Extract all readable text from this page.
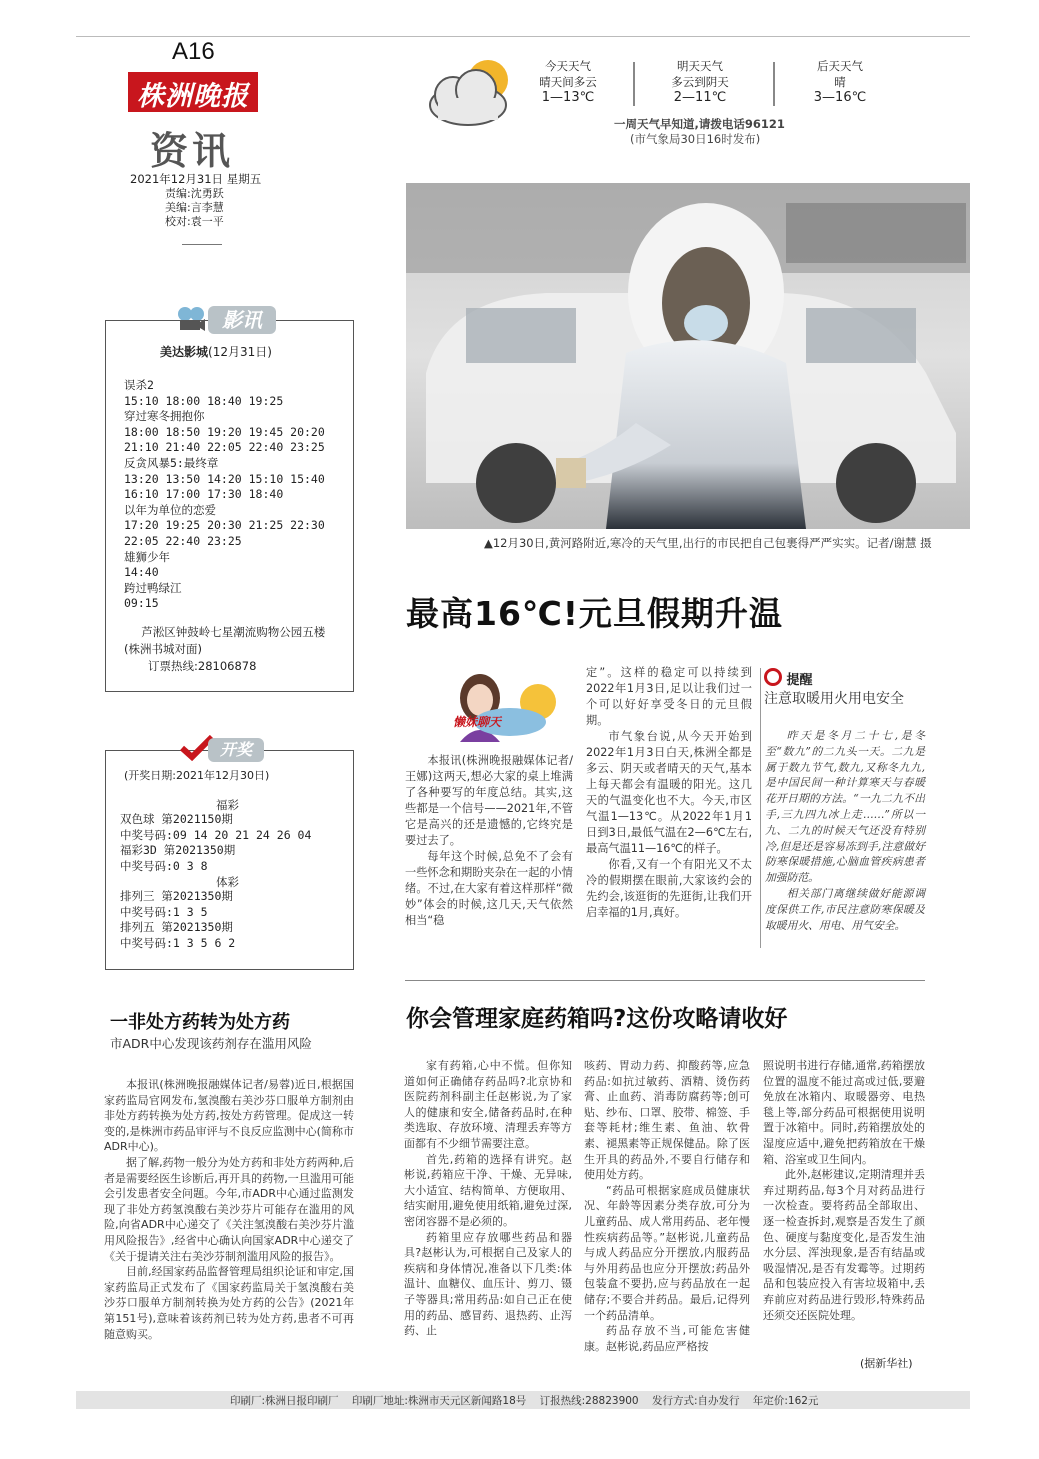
A16
株洲晚报
资讯
2021年12月31日 星期五
责编:沈勇跃
美编:言李慧
校对:袁一平
今天天气
晴天间多云
1—13℃
明天天气
多云到阴天
2—11℃
后天天气
晴
3—16℃
一周天气早知道,请拨电话96121
(市气象局30日16时发布)
▲12月30日,黄河路附近,寒冷的天气里,出行的市民把自己包裹得严严实实。记者/谢慧 摄
影讯
美达影城(12月31日)
误杀2
15:10 18:00 18:40 19:25
穿过寒冬拥抱你
18:00 18:50 19:20 19:45 20:20
21:10 21:40 22:05 22:40 23:25
反贪风暴5:最终章
13:20 13:50 14:20 15:10 15:40
16:10 17:00 17:30 18:40
以年为单位的恋爱
17:20 19:25 20:30 21:25 22:30
22:05 22:40 23:25
雄狮少年
14:40
跨过鸭绿江
09:15
芦淞区钟鼓岭七星潮流购物公园五楼(株洲书城对面)
订票热线:28106878
开奖
(开奖日期:2021年12月30日)
福彩
双色球 第2021150期
中奖号码:09 14 20 21 24 26 04
福彩3D 第2021350期
中奖号码:0 3 8
体彩
排列三 第2021350期
中奖号码:1 3 5
排列五 第2021350期
中奖号码:1 3 5 6 2
一非处方药转为处方药
市ADR中心发现该药剂存在滥用风险

本报讯(株洲晚报融媒体记者/易蓉)近日,根据国家药监局官网发布,氢溴酸右美沙芬口服单方制剂由非处方药转换为处方药,按处方药管理。促成这一转变的,是株洲市药品审评与不良反应监测中心(简称市ADR中心)。

据了解,药物一般分为处方药和非处方药两种,后者是需要经医生诊断后,再开具的药物,一旦滥用可能会引发患者安全问题。今年,市ADR中心通过监测发现了非处方药氢溴酸右美沙芬片可能存在滥用的风险,向省ADR中心递交了《关注氢溴酸右美沙芬片滥用风险报告》,经省中心确认向国家ADR中心递交了《关于提请关注右美沙芬制剂滥用风险的报告》。

目前,经国家药品监督管理局组织论证和审定,国家药监局正式发布了《国家药监局关于氢溴酸右美沙芬口服单方制剂转换为处方药的公告》(2021年第151号),意味着该药剂已转为处方药,患者不可再随意购买。

最高16℃!元旦假期升温
懒妹聊天

本报讯(株洲晚报融媒体记者/王娜)这两天,想必大家的桌上堆满了各种要写的年度总结。其实,这些都是一个信号——2021年,不管它是高兴的还是遗憾的,它终究是要过去了。

每年这个时候,总免不了会有一些怀念和期盼夹杂在一起的小情绪。不过,在大家有着这样那样“微妙”体会的时候,这几天,天气依然相当“稳

定”。这样的稳定可以持续到2022年1月3日,足以让我们过一个可以好好享受冬日的元旦假期。

市气象台说,从今天开始到2022年1月3日白天,株洲全都是多云、阴天或者晴天的天气,基本上每天都会有温暖的阳光。这几天的气温变化也不大。今天,市区气温1—13℃。从2022年1月1日到3日,最低气温在2—6℃左右,最高气温11—16℃的样子。

你看,又有一个有阳光又不太冷的假期摆在眼前,大家该约会的先约会,该逛街的先逛街,让我们开启幸福的1月,真好。

提醒
注意取暖用火用电安全

昨天是冬月二十七,是冬至“数九”的二九头一天。二九是属于数九节气,数九,又称冬九九,是中国民间一种计算寒天与春暖花开日期的方法。“一九二九不出手,三九四九冰上走……”所以一九、二九的时候天气还没有特别冷,但是还是容易冻到手,注意做好防寒保暖措施,心脑血管疾病患者加强防范。

相关部门离继续做好能源调度保供工作,市民注意防寒保暖及取暖用火、用电、用气安全。

你会管理家庭药箱吗?这份攻略请收好

家有药箱,心中不慌。但你知道如何正确储存药品吗?北京协和医院药剂科副主任赵彬说,为了家人的健康和安全,储备药品时,在种类选取、存放环境、清理丢弃等方面都有不少细节需要注意。

首先,药箱的选择有讲究。赵彬说,药箱应干净、干燥、无异味,大小适宜、结构简单、方便取用、结实耐用,避免使用纸箱,避免过深,密闭容器不是必须的。

药箱里应存放哪些药品和器具?赵彬认为,可根据自己及家人的疾病和身体情况,准备以下几类:体温计、血糖仪、血压计、剪刀、镊子等器具;常用药品:如自己正在使用的药品、感冒药、退热药、止泻药、止

咳药、胃动力药、抑酸药等,应急药品:如抗过敏药、酒精、烫伤药膏、止血药、消毒防腐药等;创可贴、纱布、口罩、胶带、棉签、手套等耗材;维生素、鱼油、软骨素、褪黑素等正规保健品。除了医生开具的药品外,不要自行储存和使用处方药。

“药品可根据家庭成员健康状况、年龄等因素分类存放,可分为儿童药品、成人常用药品、老年慢性疾病药品等。”赵彬说,儿童药品与成人药品应分开摆放,内服药品与外用药品也应分开摆放;药品外包装盒不要扔,应与药品放在一起储存;不要合并药品。最后,记得列一个药品清单。

药品存放不当,可能危害健康。赵彬说,药品应严格按

照说明书进行存储,通常,药箱摆放位置的温度不能过高或过低,要避免放在冰箱内、取暖器旁、电热毯上等,部分药品可根据使用说明置于冰箱中。同时,药箱摆放处的湿度应适中,避免把药箱放在干燥箱、浴室或卫生间内。

此外,赵彬建议,定期清理并丢弃过期药品,每3个月对药品进行一次检查。要将药品全部取出、逐一检查拆封,观察是否发生了颜色、硬度与黏度变化,是否发生油水分层、浑浊现象,是否有结晶或吸湿情况,是否有发霉等。过期药品和包装应投入有害垃圾箱中,丢弃前应对药品进行毁形,特殊药品还须交还医院处理。

(据新华社)
印刷厂:株洲日报印刷厂    印刷厂地址:株洲市天元区新闻路18号    订报热线:28823900    发行方式:自办发行    年定价:162元
